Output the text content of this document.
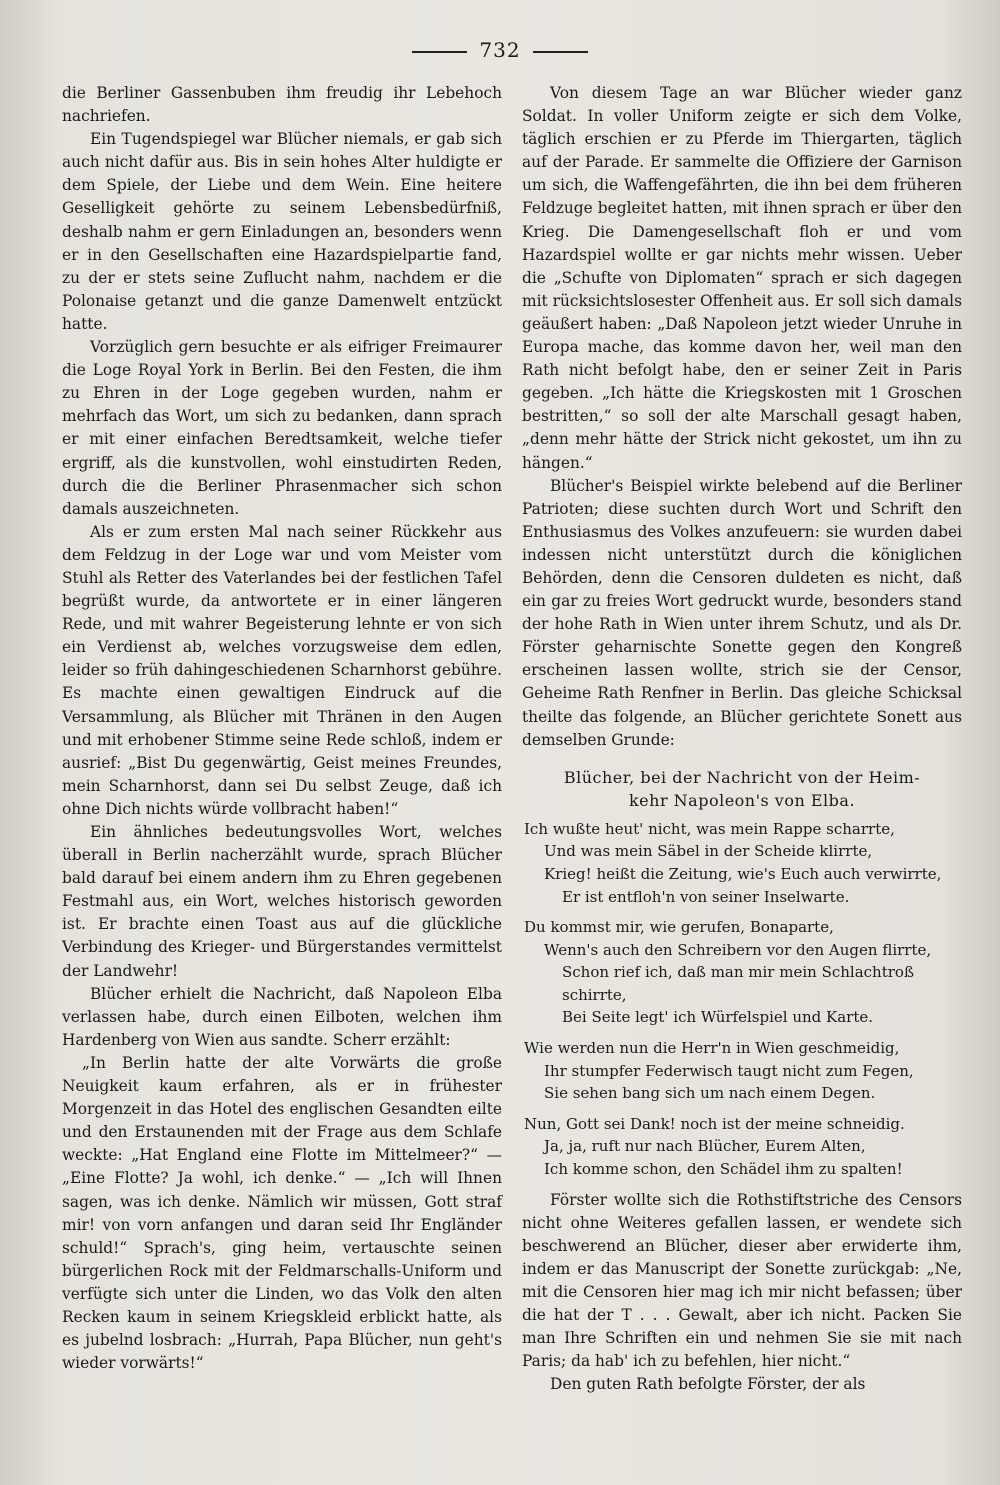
732

die Berliner Gassenbuben ihm freudig ihr Lebehoch nachriefen.

Ein Tugendspiegel war Blücher niemals, er gab sich auch nicht dafür aus. Bis in sein hohes Alter huldigte er dem Spiele, der Liebe und dem Wein. Eine heitere Geselligkeit gehörte zu seinem Lebensbedürfniß, deshalb nahm er gern Einladungen an, besonders wenn er in den Gesellschaften eine Hazardspielpartie fand, zu der er stets seine Zuflucht nahm, nachdem er die Polonaise getanzt und die ganze Damenwelt entzückt hatte.

Vorzüglich gern besuchte er als eifriger Freimaurer die Loge Royal York in Berlin. Bei den Festen, die ihm zu Ehren in der Loge gegeben wurden, nahm er mehrfach das Wort, um sich zu bedanken, dann sprach er mit einer einfachen Beredtsamkeit, welche tiefer ergriff, als die kunstvollen, wohl einstudirten Reden, durch die die Berliner Phrasenmacher sich schon damals auszeichneten.

Als er zum ersten Mal nach seiner Rückkehr aus dem Feldzug in der Loge war und vom Meister vom Stuhl als Retter des Vaterlandes bei der festlichen Tafel begrüßt wurde, da antwortete er in einer längeren Rede, und mit wahrer Begeisterung lehnte er von sich ein Verdienst ab, welches vorzugsweise dem edlen, leider so früh dahingeschiedenen Scharnhorst gebühre. Es machte einen gewaltigen Eindruck auf die Versammlung, als Blücher mit Thränen in den Augen und mit erhobener Stimme seine Rede schloß, indem er ausrief: „Bist Du gegenwärtig, Geist meines Freundes, mein Scharnhorst, dann sei Du selbst Zeuge, daß ich ohne Dich nichts würde vollbracht haben!“

Ein ähnliches bedeutungsvolles Wort, welches überall in Berlin nacherzählt wurde, sprach Blücher bald darauf bei einem andern ihm zu Ehren gegebenen Festmahl aus, ein Wort, welches historisch geworden ist. Er brachte einen Toast aus auf die glückliche Verbindung des Krieger- und Bürgerstandes vermittelst der Landwehr!

Blücher erhielt die Nachricht, daß Napoleon Elba verlassen habe, durch einen Eilboten, welchen ihm Hardenberg von Wien aus sandte. Scherr erzählt:

„In Berlin hatte der alte Vorwärts die große Neuigkeit kaum erfahren, als er in frühester Morgenzeit in das Hotel des englischen Gesandten eilte und den Erstaunenden mit der Frage aus dem Schlafe weckte: „Hat England eine Flotte im Mittelmeer?“ — „Eine Flotte? Ja wohl, ich denke.“ — „Ich will Ihnen sagen, was ich denke. Nämlich wir müssen, Gott straf mir! von vorn anfangen und daran seid Ihr Engländer schuld!“ Sprach's, ging heim, vertauschte seinen bürgerlichen Rock mit der Feldmarschalls-Uniform und verfügte sich unter die Linden, wo das Volk den alten Recken kaum in seinem Kriegskleid erblickt hatte, als es jubelnd losbrach: „Hurrah, Papa Blücher, nun geht's wieder vorwärts!“

Von diesem Tage an war Blücher wieder ganz Soldat. In voller Uniform zeigte er sich dem Volke, täglich erschien er zu Pferde im Thiergarten, täglich auf der Parade. Er sammelte die Offiziere der Garnison um sich, die Waffengefährten, die ihn bei dem früheren Feldzuge begleitet hatten, mit ihnen sprach er über den Krieg. Die Damengesellschaft floh er und vom Hazardspiel wollte er gar nichts mehr wissen. Ueber die „Schufte von Diplomaten“ sprach er sich dagegen mit rücksichtslosester Offenheit aus. Er soll sich damals geäußert haben: „Daß Napoleon jetzt wieder Unruhe in Europa mache, das komme davon her, weil man den Rath nicht befolgt habe, den er seiner Zeit in Paris gegeben. „Ich hätte die Kriegskosten mit 1 Groschen bestritten,“ so soll der alte Marschall gesagt haben, „denn mehr hätte der Strick nicht gekostet, um ihn zu hängen.“

Blücher's Beispiel wirkte belebend auf die Berliner Patrioten; diese suchten durch Wort und Schrift den Enthusiasmus des Volkes anzufeuern: sie wurden dabei indessen nicht unterstützt durch die königlichen Behörden, denn die Censoren duldeten es nicht, daß ein gar zu freies Wort gedruckt wurde, besonders stand der hohe Rath in Wien unter ihrem Schutz, und als Dr. Förster geharnischte Sonette gegen den Kongreß erscheinen lassen wollte, strich sie der Censor, Geheime Rath Renfner in Berlin. Das gleiche Schicksal theilte das folgende, an Blücher gerichtete Sonett aus demselben Grunde:

Blücher, bei der Nachricht von der Heim-
kehr Napoleon's von Elba.
Ich wußte heut' nicht, was mein Rappe scharrte,
Und was mein Säbel in der Scheide klirrte,
Krieg! heißt die Zeitung, wie's Euch auch verwirrte,
Er ist entfloh'n von seiner Inselwarte.
Du kommst mir, wie gerufen, Bonaparte,
Wenn's auch den Schreibern vor den Augen flirrte,
Schon rief ich, daß man mir mein Schlachtroß schirrte,
Bei Seite legt' ich Würfelspiel und Karte.
Wie werden nun die Herr'n in Wien geschmeidig,
Ihr stumpfer Federwisch taugt nicht zum Fegen,
Sie sehen bang sich um nach einem Degen.
Nun, Gott sei Dank! noch ist der meine schneidig.
Ja, ja, ruft nur nach Blücher, Eurem Alten,
Ich komme schon, den Schädel ihm zu spalten!

Förster wollte sich die Rothstiftstriche des Censors nicht ohne Weiteres gefallen lassen, er wendete sich beschwerend an Blücher, dieser aber erwiderte ihm, indem er das Manuscript der Sonette zurückgab: „Ne, mit die Censoren hier mag ich mir nicht befassen; über die hat der T . . . Gewalt, aber ich nicht. Packen Sie man Ihre Schriften ein und nehmen Sie sie mit nach Paris; da hab' ich zu befehlen, hier nicht.“

Den guten Rath befolgte Förster, der als
